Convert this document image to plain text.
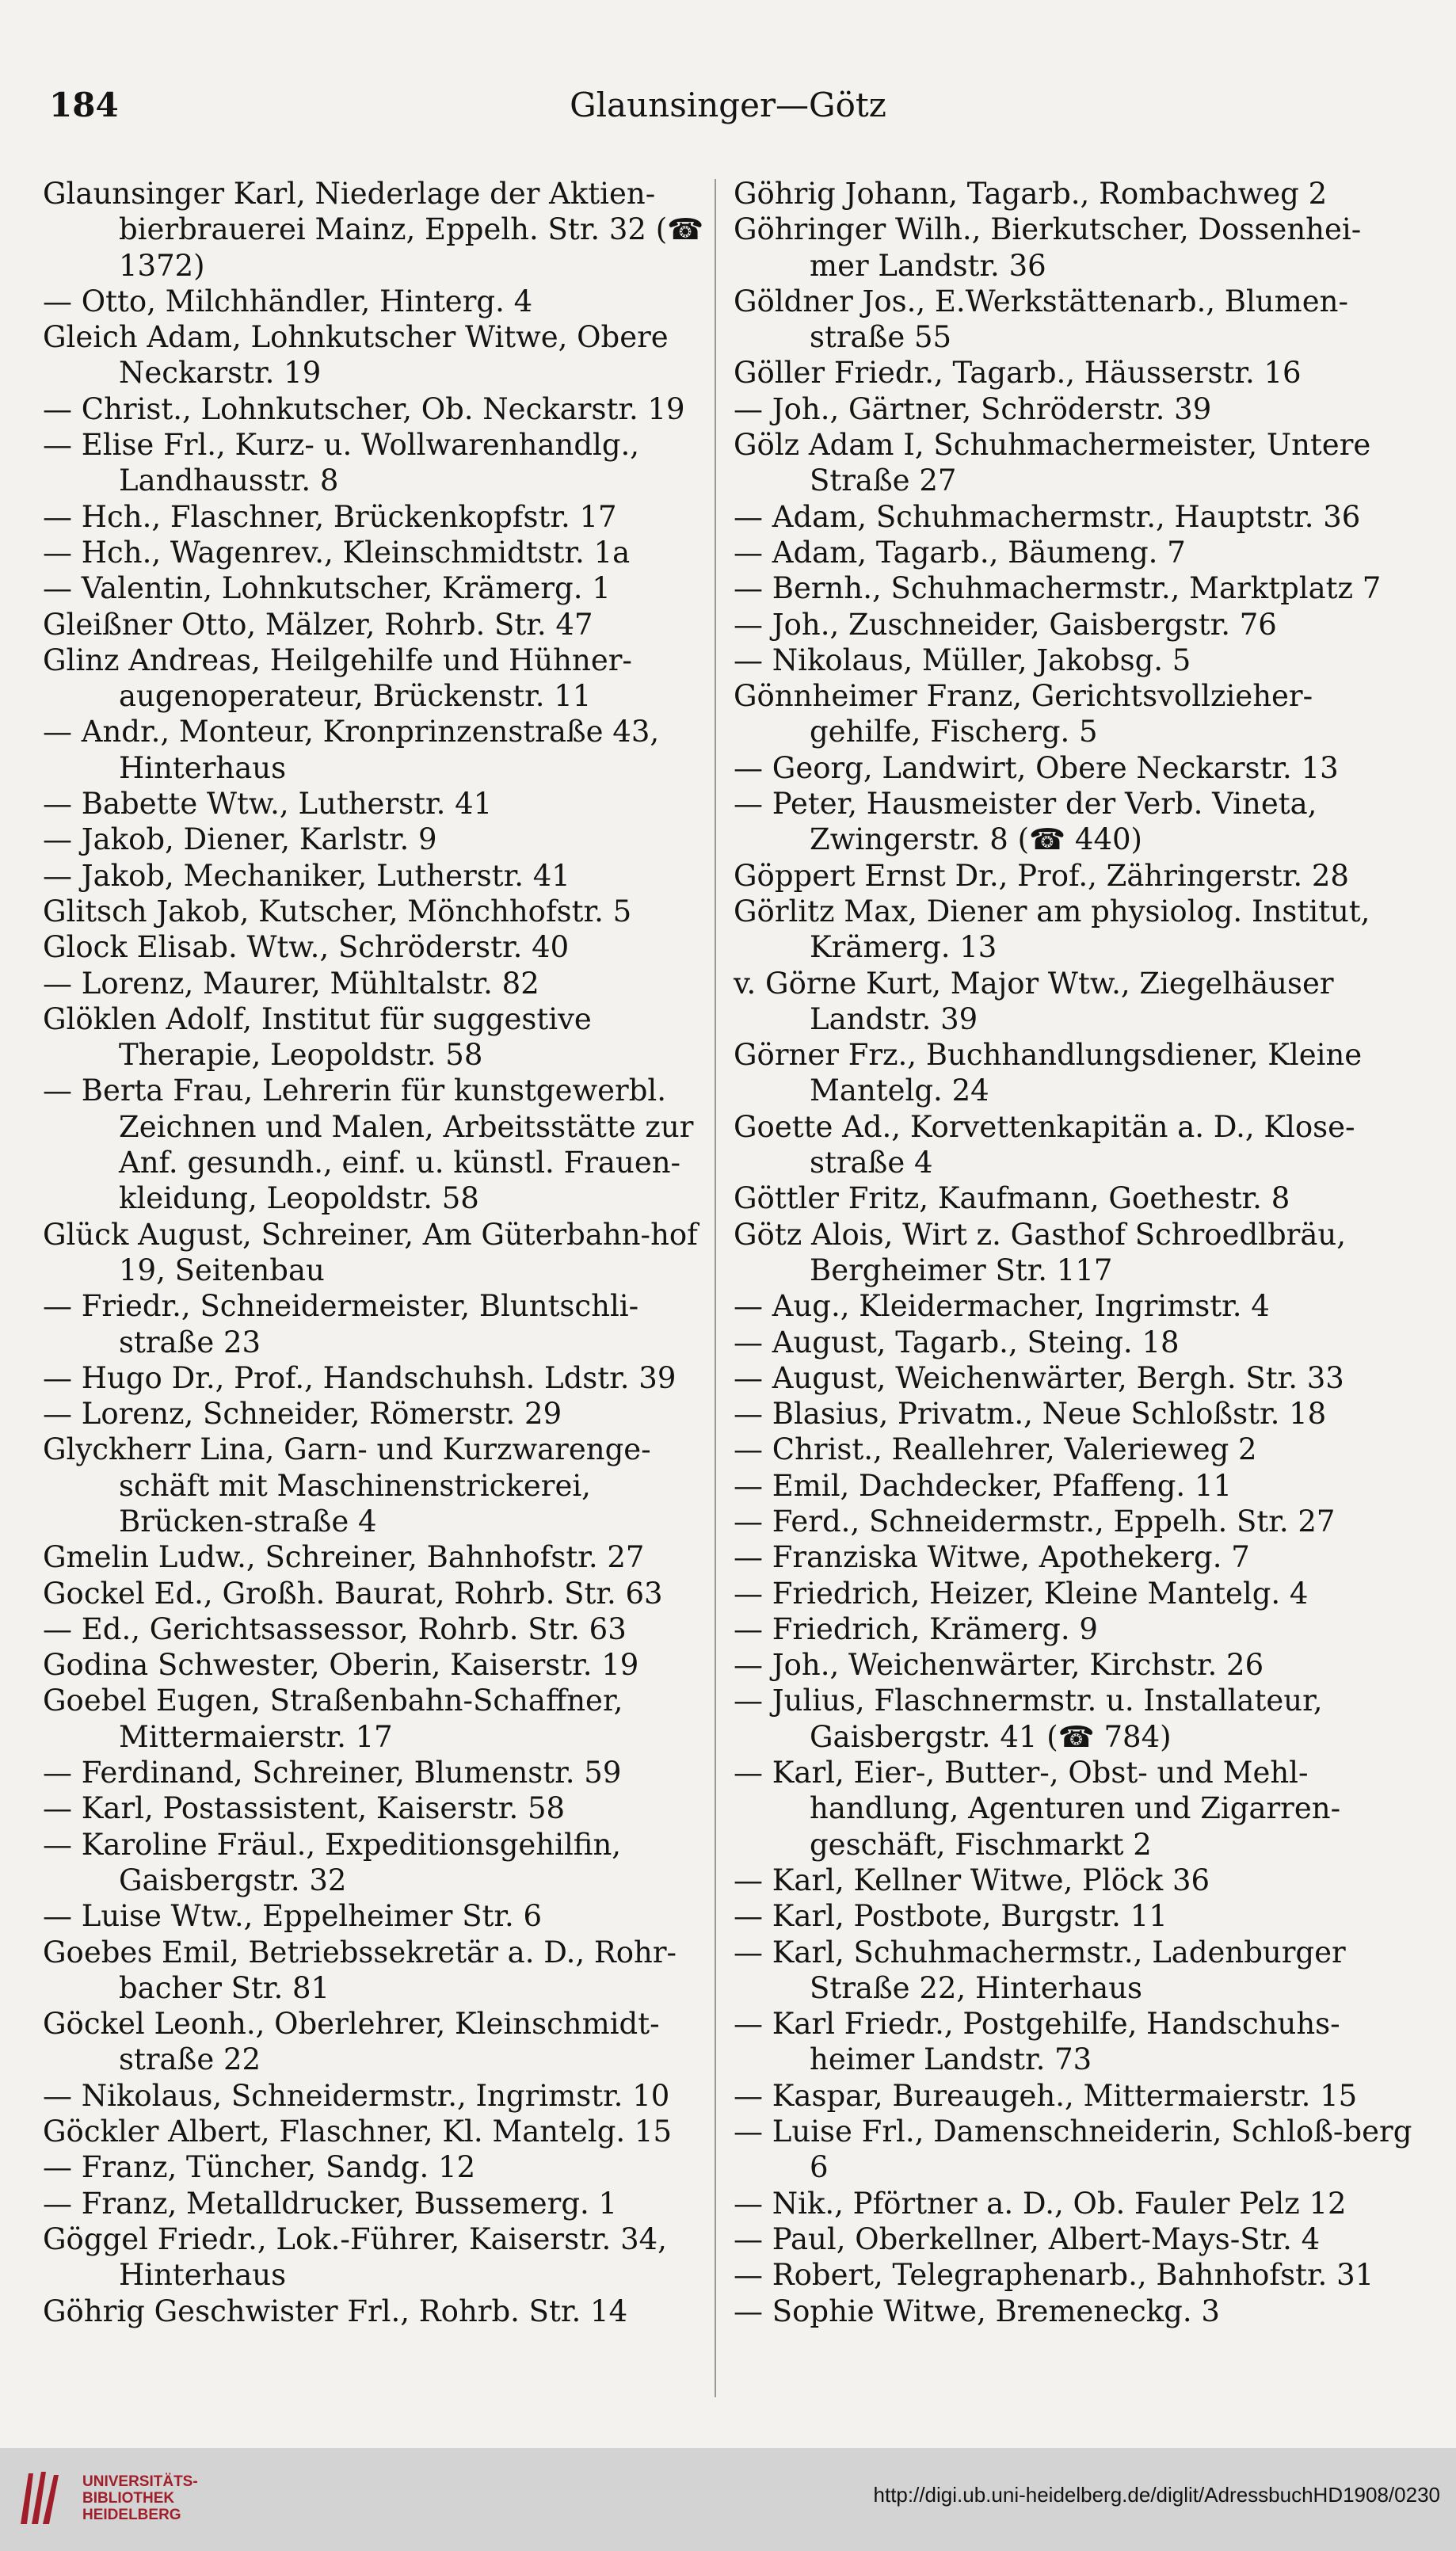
184	Glaunsinger—Götz
Glaunsinger Karl, Niederlage der Aktien-bierbrauerei Mainz, Eppelh. Str. 32 (☎ 1372)
— Otto, Milchhändler, Hinterg. 4
Gleich Adam, Lohnkutscher Witwe, Obere Neckarstr. 19
— Christ., Lohnkutscher, Ob. Neckarstr. 19
— Elise Frl., Kurz- u. Wollwarenhandlg., Landhausstr. 8
— Hch., Flaschner, Brückenkopfstr. 17
— Hch., Wagenrev., Kleinschmidtstr. 1a
— Valentin, Lohnkutscher, Krämerg. 1
Gleißner Otto, Mälzer, Rohrb. Str. 47
Glinz Andreas, Heilgehilfe und Hühner-augenoperateur, Brückenstr. 11
— Andr., Monteur, Kronprinzenstraße 43, Hinterhaus
— Babette Wtw., Lutherstr. 41
— Jakob, Diener, Karlstr. 9
— Jakob, Mechaniker, Lutherstr. 41
Glitsch Jakob, Kutscher, Mönchhofstr. 5
Glock Elisab. Wtw., Schröderstr. 40
— Lorenz, Maurer, Mühltalstr. 82
Glöklen Adolf, Institut für suggestive Therapie, Leopoldstr. 58
— Berta Frau, Lehrerin für kunstgewerbl. Zeichnen und Malen, Arbeitsstätte zur Anf. gesundh., einf. u. künstl. Frauen-kleidung, Leopoldstr. 58
Glück August, Schreiner, Am Güterbahn-hof 19, Seitenbau
— Friedr., Schneidermeister, Bluntschli-straße 23
— Hugo Dr., Prof., Handschuhsh. Ldstr. 39
— Lorenz, Schneider, Römerstr. 29
Glyckherr Lina, Garn- und Kurzwarenge-schäft mit Maschinenstrickerei, Brücken-straße 4
Gmelin Ludw., Schreiner, Bahnhofstr. 27
Gockel Ed., Großh. Baurat, Rohrb. Str. 63
— Ed., Gerichtsassessor, Rohrb. Str. 63
Godina Schwester, Oberin, Kaiserstr. 19
Goebel Eugen, Straßenbahn-Schaffner, Mittermaierstr. 17
— Ferdinand, Schreiner, Blumenstr. 59
— Karl, Postassistent, Kaiserstr. 58
— Karoline Fräul., Expeditionsgehilfin, Gaisbergstr. 32
— Luise Wtw., Eppelheimer Str. 6
Goebes Emil, Betriebssekretär a. D., Rohr-bacher Str. 81
Göckel Leonh., Oberlehrer, Kleinschmidt-straße 22
— Nikolaus, Schneidermstr., Ingrimstr. 10
Göckler Albert, Flaschner, Kl. Mantelg. 15
— Franz, Tüncher, Sandg. 12
— Franz, Metalldrucker, Bussemerg. 1
Göggel Friedr., Lok.-Führer, Kaiserstr. 34, Hinterhaus
Göhrig Geschwister Frl., Rohrb. Str. 14
Göhrig Johann, Tagarb., Rombachweg 2
Göhringer Wilh., Bierkutscher, Dossenhei-mer Landstr. 36
Göldner Jos., E.Werkstättenarb., Blumen-straße 55
Göller Friedr., Tagarb., Häusserstr. 16
— Joh., Gärtner, Schröderstr. 39
Gölz Adam I, Schuhmachermeister, Untere Straße 27
— Adam, Schuhmachermstr., Hauptstr. 36
— Adam, Tagarb., Bäumeng. 7
— Bernh., Schuhmachermstr., Marktplatz 7
— Joh., Zuschneider, Gaisbergstr. 76
— Nikolaus, Müller, Jakobsg. 5
Gönnheimer Franz, Gerichtsvollzieher-gehilfe, Fischerg. 5
— Georg, Landwirt, Obere Neckarstr. 13
— Peter, Hausmeister der Verb. Vineta, Zwingerstr. 8 (☎ 440)
Göppert Ernst Dr., Prof., Zähringerstr. 28
Görlitz Max, Diener am physiolog. Institut, Krämerg. 13
v. Görne Kurt, Major Wtw., Ziegelhäuser Landstr. 39
Görner Frz., Buchhandlungsdiener, Kleine Mantelg. 24
Goette Ad., Korvettenkapitän a. D., Klose-straße 4
Göttler Fritz, Kaufmann, Goethestr. 8
Götz Alois, Wirt z. Gasthof Schroedlbräu, Bergheimer Str. 117
— Aug., Kleidermacher, Ingrimstr. 4
— August, Tagarb., Steing. 18
— August, Weichenwärter, Bergh. Str. 33
— Blasius, Privatm., Neue Schloßstr. 18
— Christ., Reallehrer, Valerieweg 2
— Emil, Dachdecker, Pfaffeng. 11
— Ferd., Schneidermstr., Eppelh. Str. 27
— Franziska Witwe, Apothekerg. 7
— Friedrich, Heizer, Kleine Mantelg. 4
— Friedrich, Krämerg. 9
— Joh., Weichenwärter, Kirchstr. 26
— Julius, Flaschnermstr. u. Installateur, Gaisbergstr. 41 (☎ 784)
— Karl, Eier-, Butter-, Obst- und Mehl-handlung, Agenturen und Zigarren-geschäft, Fischmarkt 2
— Karl, Kellner Witwe, Plöck 36
— Karl, Postbote, Burgstr. 11
— Karl, Schuhmachermstr., Ladenburger Straße 22, Hinterhaus
— Karl Friedr., Postgehilfe, Handschuhs-heimer Landstr. 73
— Kaspar, Bureaugeh., Mittermaierstr. 15
— Luise Frl., Damenschneiderin, Schloß-berg 6
— Nik., Pförtner a. D., Ob. Fauler Pelz 12
— Paul, Oberkellner, Albert-Mays-Str. 4
— Robert, Telegraphenarb., Bahnhofstr. 31
— Sophie Witwe, Bremeneckg. 3
UNIVERSITÄTS-
BIBLIOTHEK
HEIDELBERG
http://digi.ub.uni-heidelberg.de/diglit/AdressbuchHD1908/0230
